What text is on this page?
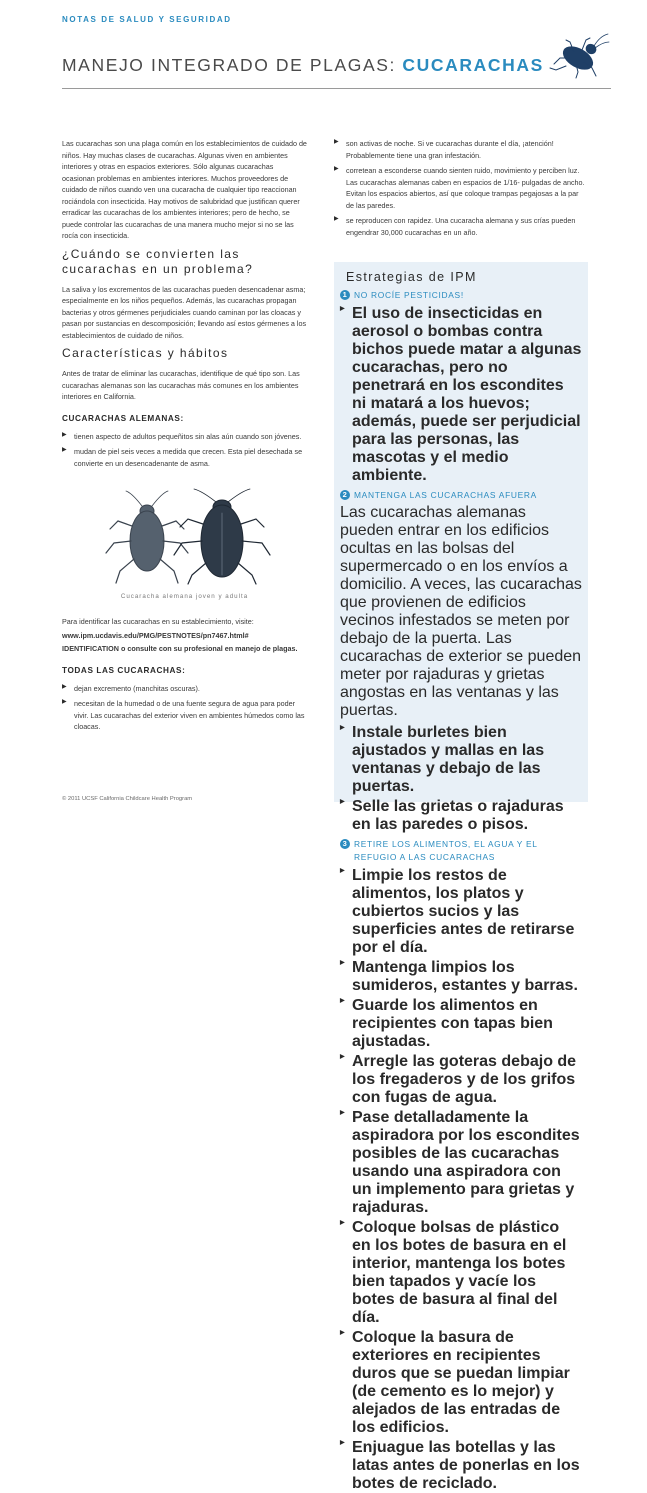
NOTAS DE SALUD Y SEGURIDAD
MANEJO INTEGRADO DE PLAGAS: CUCARACHAS

Las cucarachas son una plaga común en los establecimientos de cuidado de niños. Hay muchas clases de cucarachas. Algunas viven en ambientes interiores y otras en espacios exteriores. Sólo algunas cucarachas ocasionan problemas en ambientes interiores. Muchos proveedores de cuidado de niños cuando ven una cucaracha de cualquier tipo reaccionan rociándola con insecticida. Hay motivos de salubridad que justifican querer erradicar las cucarachas de los ambientes interiores; pero de hecho, se puede controlar las cucarachas de una manera mucho mejor si no se las rocía con insecticida.

¿Cuándo se convierten las cucarachas en un problema?

La saliva y los excrementos de las cucarachas pueden desencadenar asma; especialmente en los niños pequeños. Además, las cucarachas propagan bacterias y otros gérmenes perjudiciales cuando caminan por las cloacas y pasan por sustancias en descomposición; llevando así estos gérmenes a los establecimientos de cuidado de niños.

Características y hábitos

Antes de tratar de eliminar las cucarachas, identifique de qué tipo son. Las cucarachas alemanas son las cucarachas más comunes en los ambientes interiores en California.

CUCARACHAS ALEMANAS:
▶ tienen aspecto de adultos pequeñitos sin alas aún cuando son jóvenes.
▶ mudan de piel seis veces a medida que crecen. Esta piel desechada se convierte en un desencadenante de asma.
Cucaracha alemana joven y adulta

Para identificar las cucarachas en su establecimiento, visite:

www.ipm.ucdavis.edu/PMG/PESTNOTES/pn7467.html#

IDENTIFICATION o consulte con su profesional en manejo de plagas.

TODAS LAS CUCARACHAS:
▶ dejan excremento (manchitas oscuras).
▶ necesitan de la humedad o de una fuente segura de agua para poder vivir. Las cucarachas del exterior viven en ambientes húmedos como las cloacas.
▶ son activas de noche. Si ve cucarachas durante el día, ¡atención! Probablemente tiene una gran infestación.
▶ corretean a esconderse cuando sienten ruido, movimiento y perciben luz. Las cucarachas alemanas caben en espacios de 1/16- pulgadas de ancho. Evitan los espacios abiertos, así que coloque trampas pegajosas a la par de las paredes.
▶ se reproducen con rapidez. Una cucaracha alemana y sus crías pueden engendrar 30,000 cucarachas en un año.
Estrategias de IPM
1 NO ROCÍE PESTICIDAS!
▶ El uso de insecticidas en aerosol o bombas contra bichos puede matar a algunas cucarachas, pero no penetrará en los escondites ni matará a los huevos; además, puede ser perjudicial para las personas, las mascotas y el medio ambiente.
2 MANTENGA LAS CUCARACHAS AFUERA

Las cucarachas alemanas pueden entrar en los edificios ocultas en las bolsas del supermercado o en los envíos a domicilio. A veces, las cucarachas que provienen de edificios vecinos infestados se meten por debajo de la puerta. Las cucarachas de exterior se pueden meter por rajaduras y grietas angostas en las ventanas y las puertas.

▶ Instale burletes bien ajustados y mallas en las ventanas y debajo de las puertas.
▶ Selle las grietas o rajaduras en las paredes o pisos.
3 RETIRE LOS ALIMENTOS, EL AGUA Y EL REFUGIO A LAS CUCARACHAS
▶ Limpie los restos de alimentos, los platos y cubiertos sucios y las superficies antes de retirarse por el día.
▶ Mantenga limpios los sumideros, estantes y barras.
▶ Guarde los alimentos en recipientes con tapas bien ajustadas.
▶ Arregle las goteras debajo de los fregaderos y de los grifos con fugas de agua.
▶ Pase detalladamente la aspiradora por los escondites posibles de las cucarachas usando una aspiradora con un implemento para grietas y rajaduras.
▶ Coloque bolsas de plástico en los botes de basura en el interior, mantenga los botes bien tapados y vacíe los botes de basura al final del día.
▶ Coloque la basura de exteriores en recipientes duros que se puedan limpiar (de cemento es lo mejor) y alejados de las entradas de los edificios.
▶ Enjuague las botellas y las latas antes de ponerlas en los botes de reciclado.
© 2011 UCSF California Childcare Health Program
